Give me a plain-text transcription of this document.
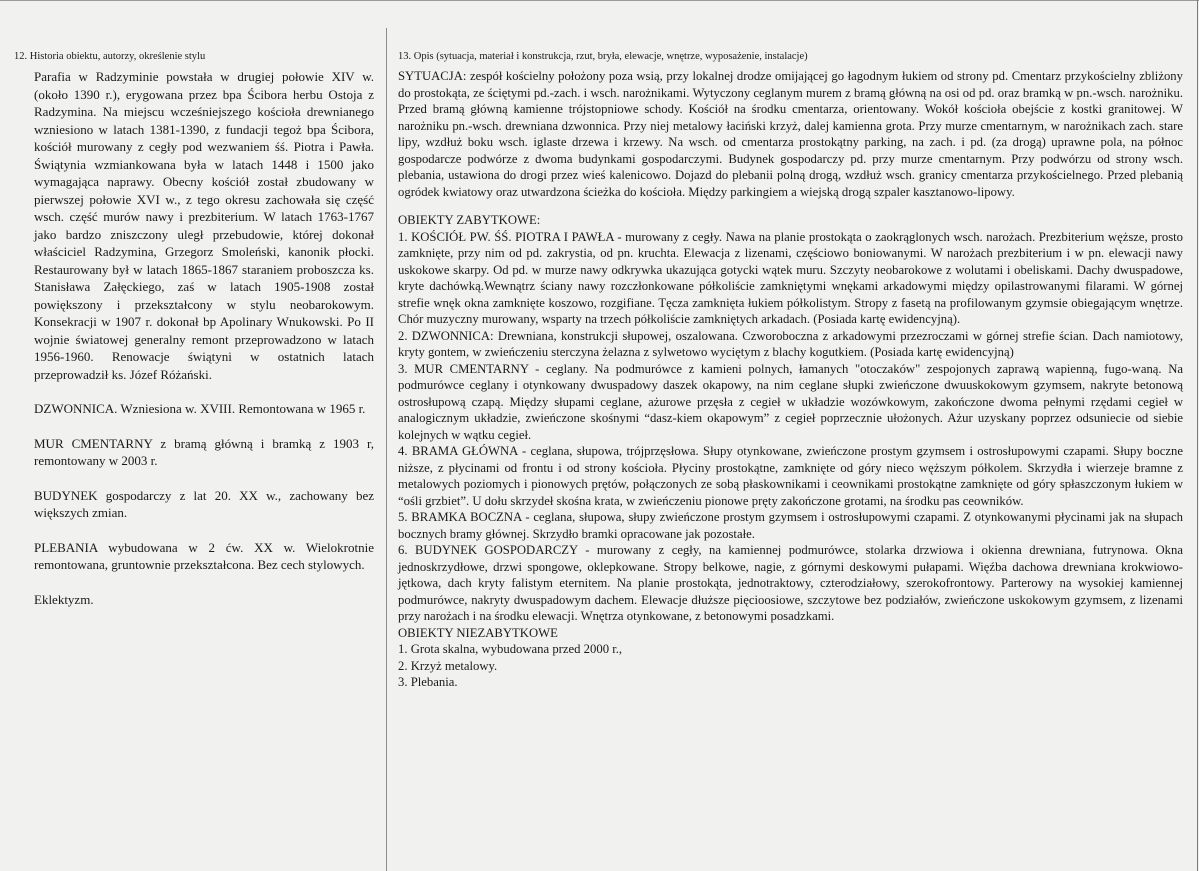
12. Historia obiektu, autorzy, określenie stylu

Parafia w Radzyminie powstała w drugiej połowie XIV w. (około 1390 r.), erygowana przez bpa Ścibora herbu Ostoja z Radzymina. Na miejscu wcześniejszego kościoła drewnianego wzniesiono w latach 1381-1390, z fundacji tegoż bpa Ścibora, kościół murowany z cegły pod wezwaniem śś. Piotra i Pawła. Świątynia wzmiankowana była w latach 1448 i 1500 jako wymagająca naprawy. Obecny kościół został zbudowany w pierwszej połowie XVI w., z tego okresu zachowała się część wsch. część murów nawy i prezbiterium. W latach 1763-1767 jako bardzo zniszczony uległ przebudowie, której dokonał właściciel Radzymina, Grzegorz Smoleński, kanonik płocki. Restaurowany był w latach 1865-1867 staraniem proboszcza ks. Stanisława Załęckiego, zaś w latach 1905-1908 został powiększony i przekształcony w stylu neobarokowym. Konsekracji w 1907 r. dokonał bp Apolinary Wnukowski. Po II wojnie światowej generalny remont przeprowadzono w latach 1956-1960. Renowacje świątyni w ostatnich latach przeprowadził ks. Józef Różański.

DZWONNICA. Wzniesiona w. XVIII. Remontowana w 1965 r.

MUR CMENTARNY z bramą główną i bramką z 1903 r, remontowany w 2003 r.

BUDYNEK gospodarczy z lat 20. XX w., zachowany bez większych zmian.

PLEBANIA wybudowana w 2 ćw. XX w. Wielokrotnie remontowana, gruntownie przekształcona. Bez cech stylowych.

Eklektyzm.

13. Opis (sytuacja, materiał i konstrukcja, rzut, bryła, elewacje, wnętrze, wyposażenie, instalacje)

SYTUACJA: zespół kościelny położony poza wsią, przy lokalnej drodze omijającej go łagodnym łukiem od strony pd. Cmentarz przykościelny zbliżony do prostokąta, ze ściętymi pd.-zach. i wsch. narożnikami. Wytyczony ceglanym murem z bramą główną na osi od pd. oraz bramką w pn.-wsch. narożniku. Przed bramą główną kamienne trójstopniowe schody. Kościół na środku cmentarza, orientowany. Wokół kościoła obejście z kostki granitowej. W narożniku pn.-wsch. drewniana dzwonnica. Przy niej metalowy łaciński krzyż, dalej kamienna grota. Przy murze cmentarnym, w narożnikach zach. stare lipy, wzdłuż boku wsch. iglaste drzewa i krzewy. Na wsch. od cmentarza prostokątny parking, na zach. i pd. (za drogą) uprawne pola, na północ gospodarcze podwórze z dwoma budynkami gospodarczymi. Budynek gospodarczy pd. przy murze cmentarnym. Przy podwórzu od strony wsch. plebania, ustawiona do drogi przez wieś kalenicowo. Dojazd do plebanii polną drogą, wzdłuż wsch. granicy cmentarza przykościelnego. Przed plebanią ogródek kwiatowy oraz utwardzona ścieżka do kościoła. Między parkingiem a wiejską drogą szpaler kasztanowo-lipowy.

OBIEKTY ZABYTKOWE:

1. KOŚCIÓŁ PW. ŚŚ. PIOTRA I PAWŁA - murowany z cegły. Nawa na planie prostokąta o zaokrąglonych wsch. narożach. Prezbiterium węższe, prosto zamknięte, przy nim od pd. zakrystia, od pn. kruchta. Elewacja z lizenami, częściowo boniowanymi. W narożach prezbiterium i w pn. elewacji nawy uskokowe skarpy. Od pd. w murze nawy odkrywka ukazująca gotycki wątek muru. Szczyty neobarokowe z wolutami i obeliskami. Dachy dwuspadowe, kryte dachówką.Wewnątrz ściany nawy rozczłonkowane półkoliście zamkniętymi wnękami arkadowymi między opilastrowanymi filarami. W górnej strefie wnęk okna zamknięte koszowo, rozgifiane. Tęcza zamknięta łukiem półkolistym. Stropy z fasetą na profilowanym gzymsie obiegającym wnętrze. Chór muzyczny murowany, wsparty na trzech półkoliście zamkniętych arkadach. (Posiada kartę ewidencyjną).

2. DZWONNICA: Drewniana, konstrukcji słupowej, oszalowana. Czworoboczna z arkadowymi przezroczami w górnej strefie ścian. Dach namiotowy, kryty gontem, w zwieńczeniu sterczyna żelazna z sylwetowo wyciętym z blachy kogutkiem. (Posiada kartę ewidencyjną)

3. MUR CMENTARNY - ceglany. Na podmurówce z kamieni polnych, łamanych "otoczaków" zespojonych zaprawą wapienną, fugo-waną. Na podmurówce ceglany i otynkowany dwuspadowy daszek okapowy, na nim ceglane słupki zwieńczone dwuuskokowym gzymsem, nakryte betonową ostrosłupową czapą. Między słupami ceglane, ażurowe przęsła z cegieł w układzie wozówkowym, zakończone dwoma pełnymi rzędami cegieł w analogicznym układzie, zwieńczone skośnymi “dasz-kiem okapowym” z cegieł poprzecznie ułożonych. Ażur uzyskany poprzez odsuniecie od siebie kolejnych w wątku cegieł.

4. BRAMA GŁÓWNA - ceglana, słupowa, trójprzęsłowa. Słupy otynkowane, zwieńczone prostym gzymsem i ostrosłupowymi czapami. Słupy boczne niższe, z płycinami od frontu i od strony kościoła. Płyciny prostokątne, zamknięte od góry nieco węższym półkolem. Skrzydła i wierzeje bramne z metalowych poziomych i pionowych prętów, połączonych ze sobą płaskownikami i ceownikami prostokątne zamknięte od góry spłaszczonym łukiem w “ośli grzbiet”. U dołu skrzydeł skośna krata, w zwieńczeniu pionowe pręty zakończone grotami, na środku pas ceowników.

5. BRAMKA BOCZNA - ceglana, słupowa, słupy zwieńczone prostym gzymsem i ostrosłupowymi czapami. Z otynkowanymi płycinami jak na słupach bocznych bramy głównej. Skrzydło bramki opracowane jak pozostałe.

6. BUDYNEK GOSPODARCZY - murowany z cegły, na kamiennej podmurówce, stolarka drzwiowa i okienna drewniana, futrynowa. Okna jednoskrzydłowe, drzwi spongowe, oklepkowane. Stropy belkowe, nagie, z górnymi deskowymi pułapami. Więźba dachowa drewniana krokwiowo-jętkowa, dach kryty falistym eternitem. Na planie prostokąta, jednotraktowy, czterodziałowy, szerokofrontowy. Parterowy na wysokiej kamiennej podmurówce, nakryty dwuspadowym dachem. Elewacje dłuższe pięcioosiowe, szczytowe bez podziałów, zwieńczone uskokowym gzymsem, z lizenami przy narożach i na środku elewacji. Wnętrza otynkowane, z betonowymi posadzkami.

OBIEKTY NIEZABYTKOWE

1. Grota skalna, wybudowana przed 2000 r.,

2. Krzyż metalowy.

3. Plebania.
